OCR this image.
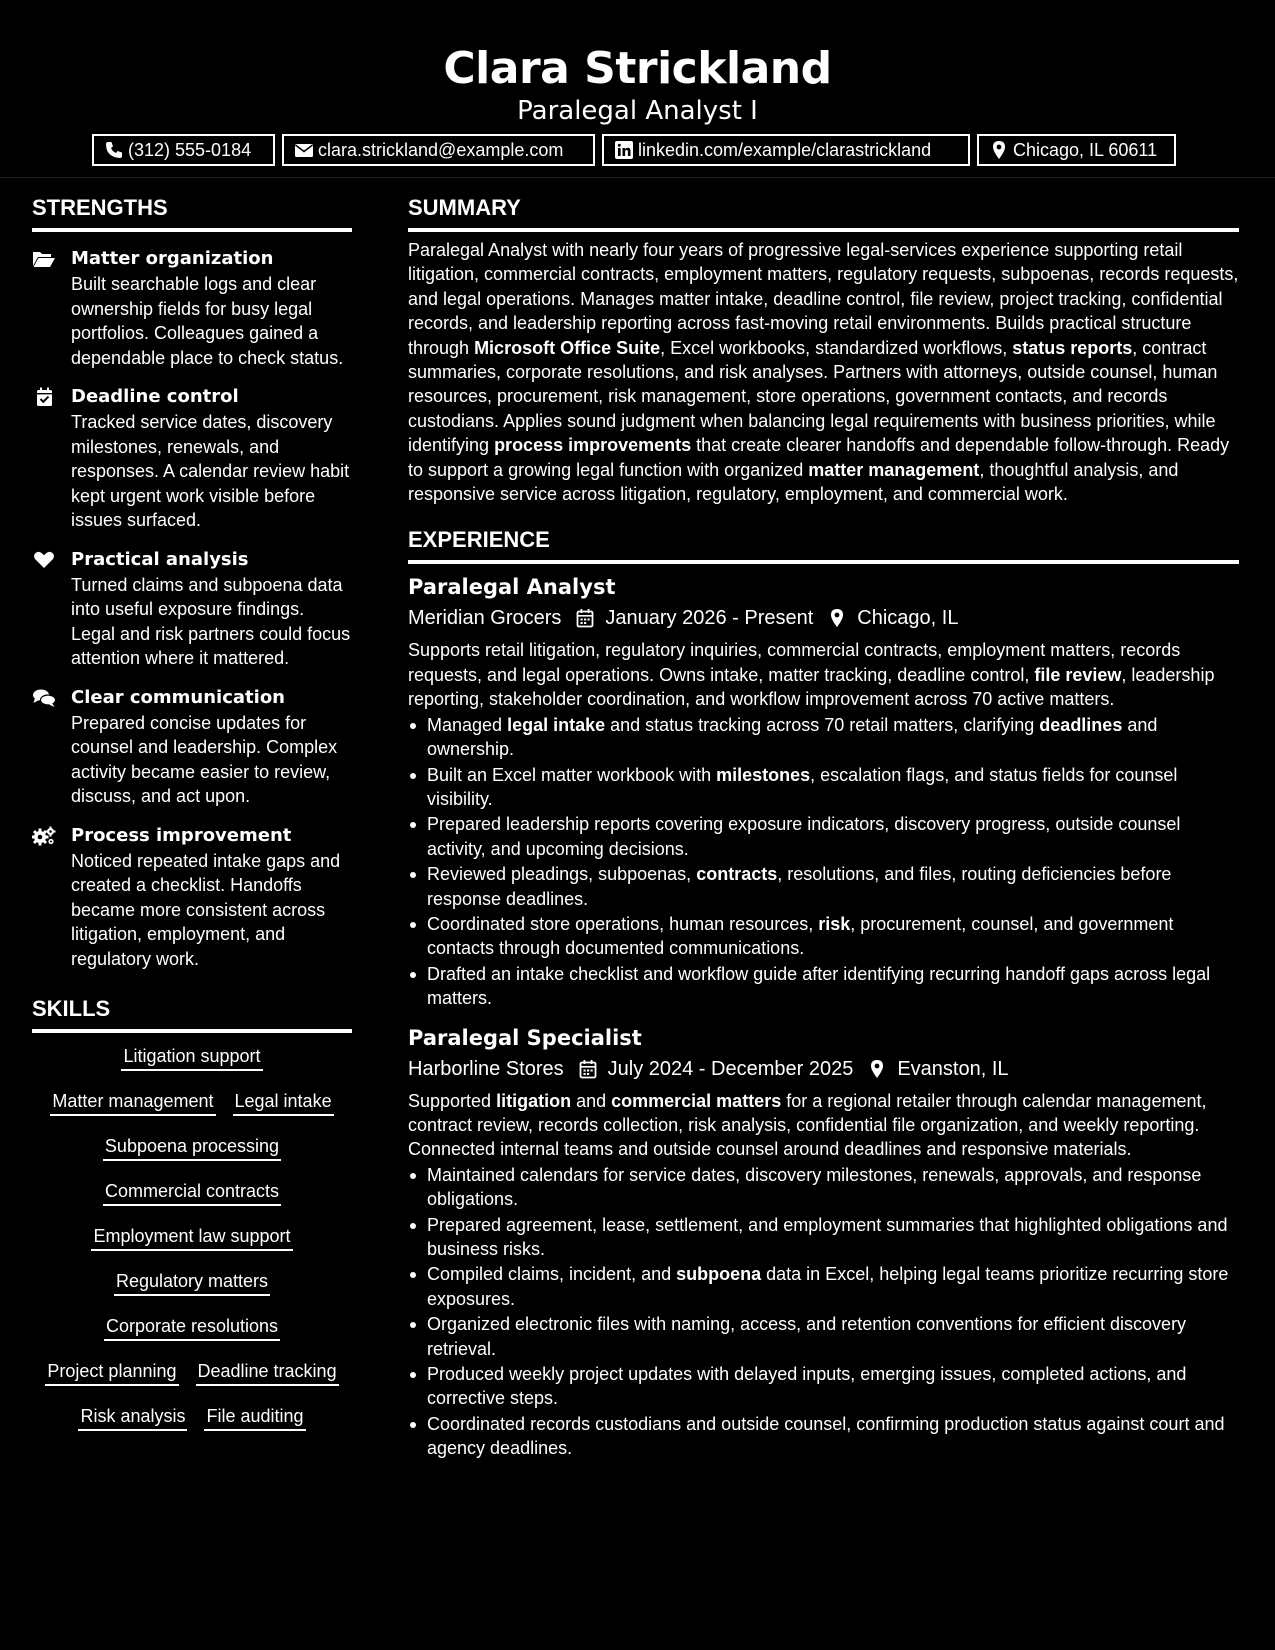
Clara Strickland
Paralegal Analyst I
(312) 555-0184	clara.strickland@example.com	linkedin.com/example/clarastrickland	Chicago, IL 60611
STRENGTHS
Matter organization
Built searchable logs and clear ownership fields for busy legal portfolios. Colleagues gained a dependable place to check status.
Deadline control
Tracked service dates, discovery milestones, renewals, and responses. A calendar review habit kept urgent work visible before issues surfaced.
Practical analysis
Turned claims and subpoena data into useful exposure findings. Legal and risk partners could focus attention where it mattered.
Clear communication
Prepared concise updates for counsel and leadership. Complex activity became easier to review, discuss, and act upon.
Process improvement
Noticed repeated intake gaps and created a checklist. Handoffs became more consistent across litigation, employment, and regulatory work.
SKILLS
Litigation support
Matter management Legal intake
Subpoena processing
Commercial contracts
Employment law support
Regulatory matters
Corporate resolutions
Project planning Deadline tracking
Risk analysis File auditing
SUMMARY
Paralegal Analyst with nearly four years of progressive legal-services experience supporting retail litigation, commercial contracts, employment matters, regulatory requests, subpoenas, records requests, and legal operations. Manages matter intake, deadline control, file review, project tracking, confidential records, and leadership reporting across fast-moving retail environments. Builds practical structure through Microsoft Office Suite, Excel workbooks, standardized workflows, status reports, contract summaries, corporate resolutions, and risk analyses. Partners with attorneys, outside counsel, human resources, procurement, risk management, store operations, government contacts, and records custodians. Applies sound judgment when balancing legal requirements with business priorities, while identifying process improvements that create clearer handoffs and dependable follow-through. Ready to support a growing legal function with organized matter management, thoughtful analysis, and responsive service across litigation, regulatory, employment, and commercial work.
EXPERIENCE
Paralegal Analyst
Meridian Grocers January 2026 - Present Chicago, IL
Supports retail litigation, regulatory inquiries, commercial contracts, employment matters, records requests, and legal operations. Owns intake, matter tracking, deadline control, file review, leadership reporting, stakeholder coordination, and workflow improvement across 70 active matters.
Managed legal intake and status tracking across 70 retail matters, clarifying deadlines and ownership.
Built an Excel matter workbook with milestones, escalation flags, and status fields for counsel visibility.
Prepared leadership reports covering exposure indicators, discovery progress, outside counsel activity, and upcoming decisions.
Reviewed pleadings, subpoenas, contracts, resolutions, and files, routing deficiencies before response deadlines.
Coordinated store operations, human resources, risk, procurement, counsel, and government contacts through documented communications.
Drafted an intake checklist and workflow guide after identifying recurring handoff gaps across legal matters.
Paralegal Specialist
Harborline Stores July 2024 - December 2025 Evanston, IL
Supported litigation and commercial matters for a regional retailer through calendar management, contract review, records collection, risk analysis, confidential file organization, and weekly reporting. Connected internal teams and outside counsel around deadlines and responsive materials.
Maintained calendars for service dates, discovery milestones, renewals, approvals, and response obligations.
Prepared agreement, lease, settlement, and employment summaries that highlighted obligations and business risks.
Compiled claims, incident, and subpoena data in Excel, helping legal teams prioritize recurring store exposures.
Organized electronic files with naming, access, and retention conventions for efficient discovery retrieval.
Produced weekly project updates with delayed inputs, emerging issues, completed actions, and corrective steps.
Coordinated records custodians and outside counsel, confirming production status against court and agency deadlines.
